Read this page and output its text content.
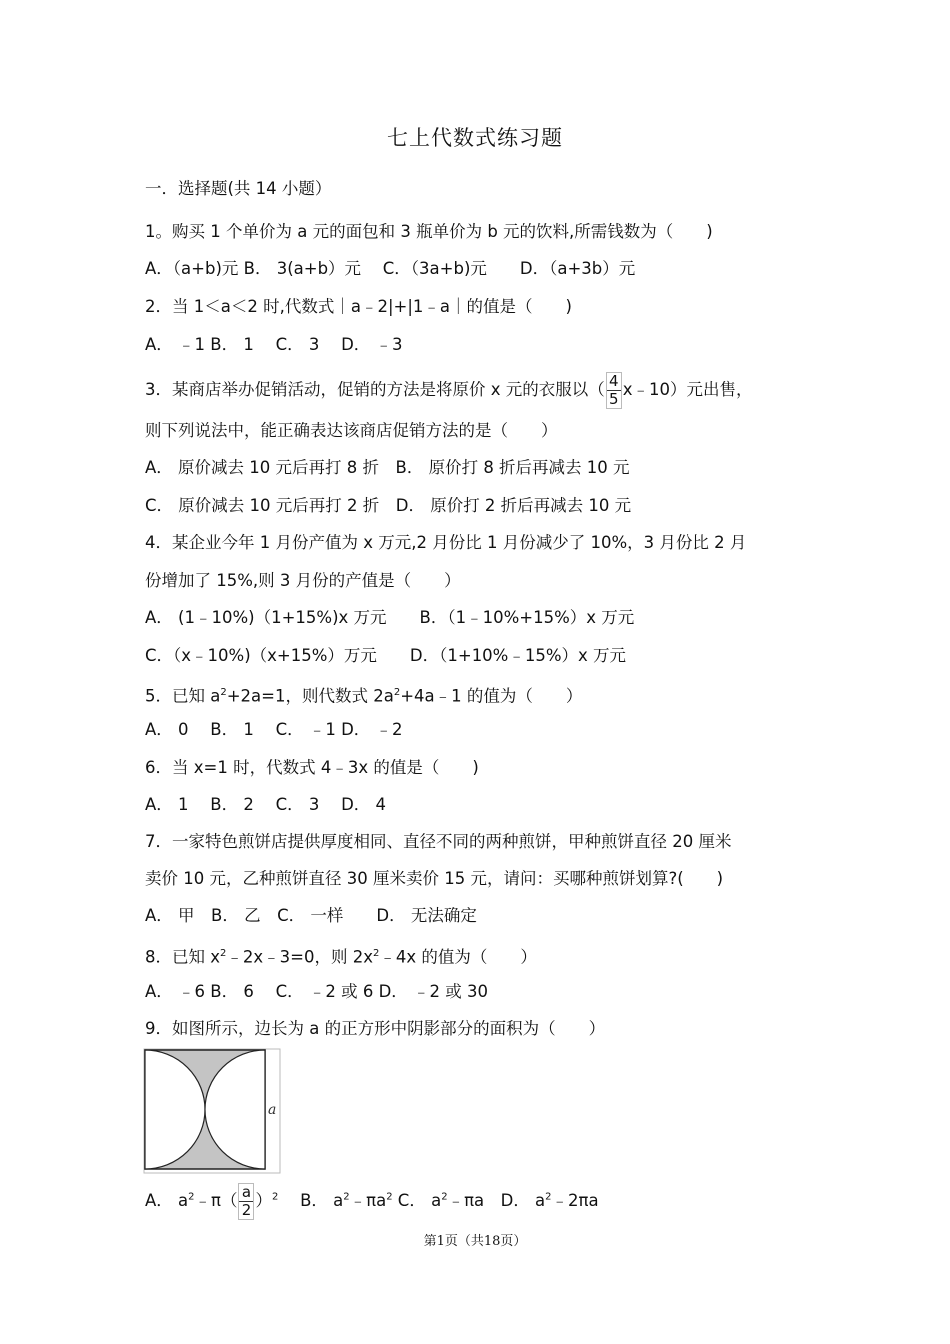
七上代数式练习题
一．选择题(共 14 小题）
1。购买 1 个单价为 a 元的面包和 3 瓶单价为 b 元的饮料,所需钱数为（　　)
A．（a+b)元 B． 3(a+b）元　 C．（3a+b)元　　D．（a+3b）元
2．当 1＜a＜2 时,代数式｜a﹣2|+|1﹣a｜的值是（　　)
A． ﹣1 B． 1　 C． 3　 D． ﹣3
3．某商店举办促销活动，促销的方法是将原价 x 元的衣服以（ $\frac{4}{5}$ x﹣10）元出售，
则下列说法中，能正确表达该商店促销方法的是（　　）
A． 原价减去 10 元后再打 8 折　B． 原价打 8 折后再减去 10 元
C． 原价减去 10 元后再打 2 折　D． 原价打 2 折后再减去 10 元
4．某企业今年 1 月份产值为 x 万元,2 月份比 1 月份减少了 10%，3 月份比 2 月
份增加了 15%,则 3 月份的产值是（　　）
A． (1﹣10%)（1+15%)x 万元　　B．（1﹣10%+15%）x 万元
C．（x﹣10%)（x+15%）万元　　D．（1+10%﹣15%）x 万元
5．已知 $a^2+2a=1$，则代数式 $2a^2+4a﹣1$ 的值为（　　）
A． 0　 B． 1　 C． ﹣1 D． ﹣2
6．当 x=1 时，代数式 4﹣3x 的值是（　　)
A． 1　 B． 2　 C． 3　 D． 4
7．一家特色煎饼店提供厚度相同、直径不同的两种煎饼，甲种煎饼直径 20 厘米
卖价 10 元，乙种煎饼直径 30 厘米卖价 15 元，请问：买哪种煎饼划算?(　　)
A． 甲　B． 乙　C． 一样　　D． 无法确定
8．已知 $x^2﹣2x﹣3=0$，则 $2x^2﹣4x$ 的值为（　　）
A． ﹣6 B． 6　 C． ﹣2 或 6 D． ﹣2 或 30
9．如图所示，边长为 a 的正方形中阴影部分的面积为（　　）
a
A． $a^2﹣\pi( \frac{a}{2} )^2$　 B． $a^2﹣\pi a^2$ C． $a^2﹣\pi a$　D． $a^2﹣2\pi a$
第1页（共18页）
